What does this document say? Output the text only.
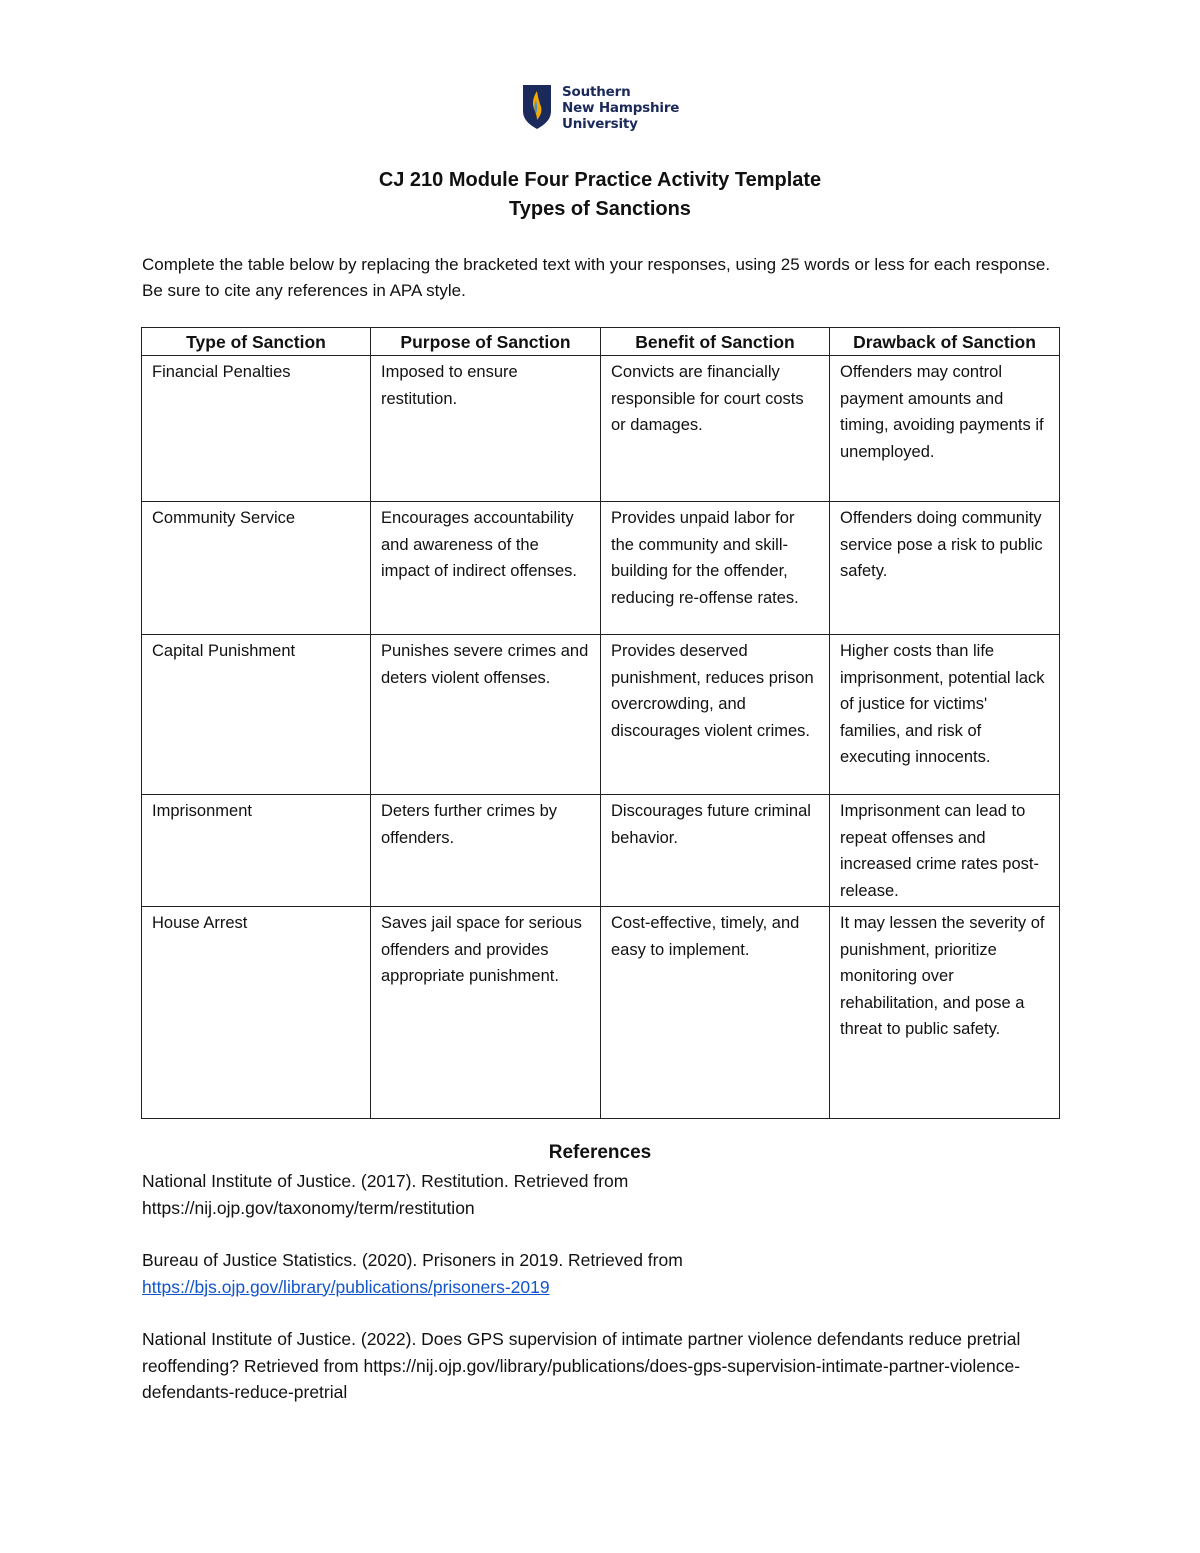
Southern
New Hampshire
University
CJ 210 Module Four Practice Activity Template
Types of Sanctions
Complete the table below by replacing the bracketed text with your responses, using 25 words or less for each response. Be sure to cite any references in APA style.
Type of Sanction	Purpose of Sanction	Benefit of Sanction	Drawback of Sanction
Financial Penalties	Imposed to ensure restitution.	Convicts are financially responsible for court costs or damages.	Offenders may control payment amounts and timing, avoiding payments if unemployed.
Community Service	Encourages accountability and awareness of the impact of indirect offenses.	Provides unpaid labor for the community and skill-building for the offender, reducing re-offense rates.	Offenders doing community service pose a risk to public safety.
Capital Punishment	Punishes severe crimes and deters violent offenses.	Provides deserved punishment, reduces prison overcrowding, and discourages violent crimes.	Higher costs than life imprisonment, potential lack of justice for victims' families, and risk of executing innocents.
Imprisonment	Deters further crimes by offenders.	Discourages future criminal behavior.	Imprisonment can lead to repeat offenses and increased crime rates post-release.
House Arrest	Saves jail space for serious offenders and provides appropriate punishment.	Cost-effective, timely, and easy to implement.	It may lessen the severity of punishment, prioritize monitoring over rehabilitation, and pose a threat to public safety.
References
National Institute of Justice. (2017). Restitution. Retrieved from
https://nij.ojp.gov/taxonomy/term/restitution
Bureau of Justice Statistics. (2020). Prisoners in 2019. Retrieved from
https://bjs.ojp.gov/library/publications/prisoners-2019
National Institute of Justice. (2022). Does GPS supervision of intimate partner violence defendants reduce pretrial reoffending? Retrieved from https://nij.ojp.gov/library/publications/does-gps-supervision-intimate-partner-violence-defendants-reduce-pretrial
